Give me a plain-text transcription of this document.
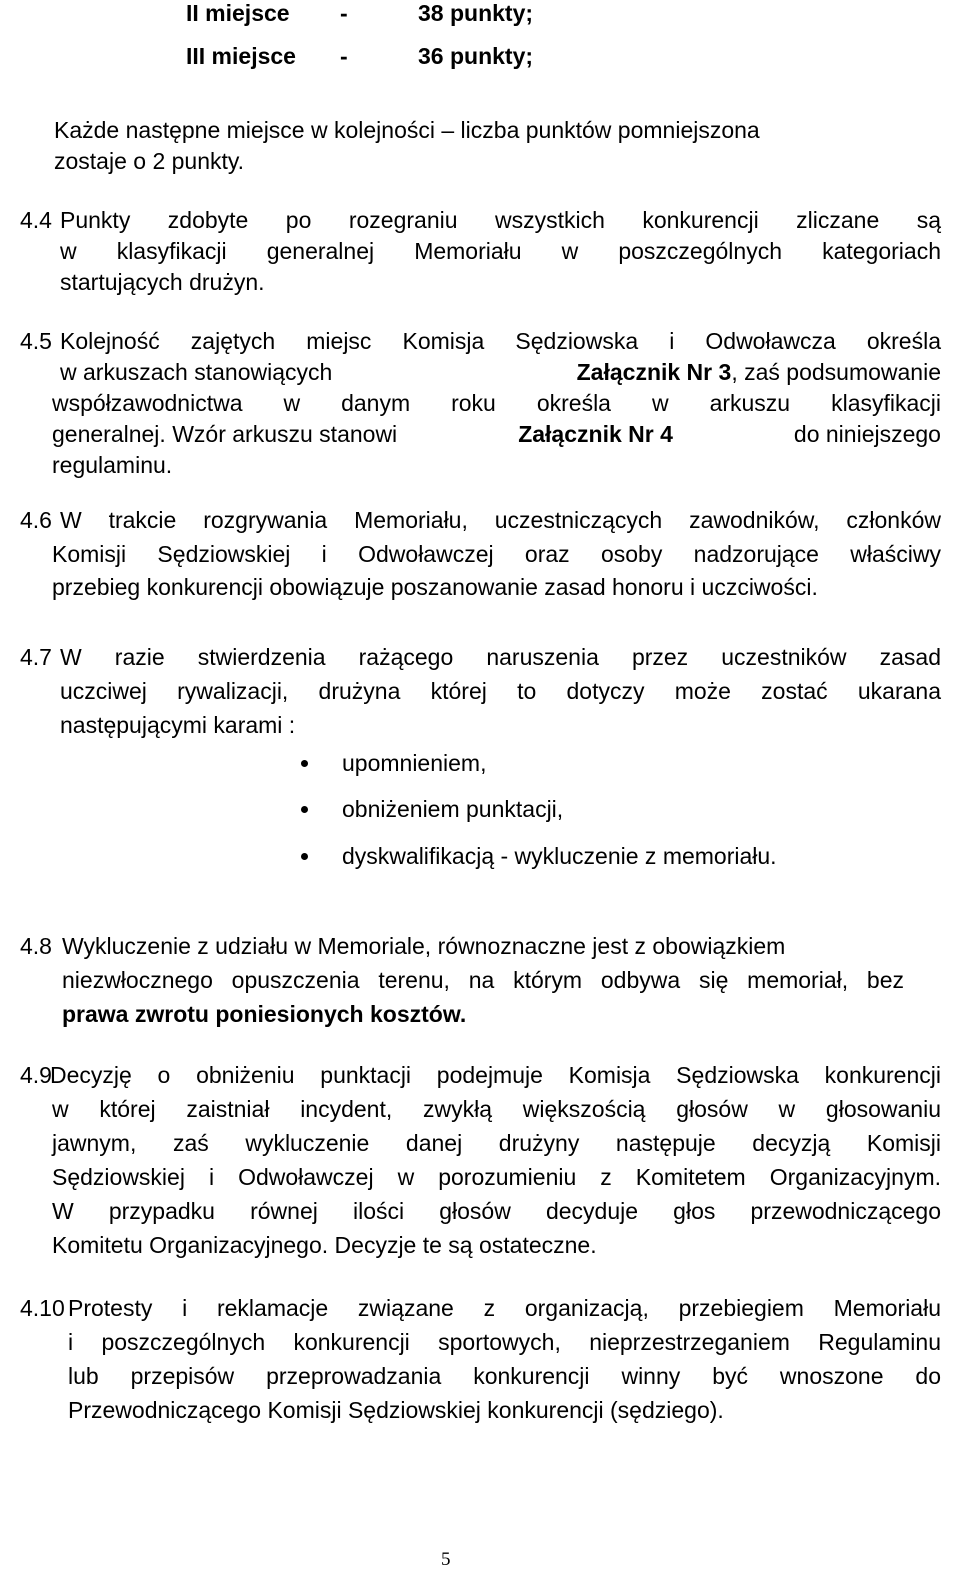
II miejsce -	38 punkty;
III miejsce -	36 punkty;
Każde następne miejsce w kolejności – liczba punktów pomniejszona
zostaje o 2 punkty.
4.4 Punkty zdobyte po rozegraniu wszystkich konkurencji zliczane są
w klasyfikacji generalnej Memoriału w poszczególnych kategoriach
startujących drużyn.
4.5 Kolejność zajętych miejsc Komisja Sędziowska i Odwoławcza określa
w arkuszach stanowiących	Załącznik Nr 3, zaś podsumowanie
współzawodnictwa w danym roku określa w arkuszu klasyfikacji
generalnej. Wzór arkuszu stanowi	Załącznik Nr 4	do niniejszego
regulaminu.
4.6 W trakcie rozgrywania Memoriału, uczestniczących zawodników, członków
Komisji Sędziowskiej i Odwoławczej oraz osoby nadzorujące właściwy
przebieg konkurencji obowiązuje poszanowanie zasad honoru i uczciwości.
4.7 W razie stwierdzenia rażącego naruszenia przez uczestników zasad
uczciwej rywalizacji, drużyna której to dotyczy może zostać ukarana
następującymi karami :
upomnieniem,
obniżeniem punktacji,
dyskwalifikacją - wykluczenie z memoriału.
4.8 Wykluczenie z udziału w Memoriale, równoznaczne jest z obowiązkiem
niezwłocznego opuszczenia terenu, na którym odbywa się memoriał, bez
prawa zwrotu poniesionych kosztów.
4.9
Decyzję o obniżeniu punktacji podejmuje Komisja Sędziowska konkurencji
w której zaistniał incydent, zwykłą większością głosów w głosowaniu
jawnym, zaś wykluczenie danej drużyny następuje decyzją Komisji
Sędziowskiej i Odwoławczej w porozumieniu z Komitetem Organizacyjnym.
W przypadku równej ilości głosów decyduje głos przewodniczącego
Komitetu Organizacyjnego. Decyzje te są ostateczne.
4.10 Protesty i reklamacje związane z organizacją, przebiegiem Memoriału
i poszczególnych konkurencji sportowych, nieprzestrzeganiem Regulaminu
lub przepisów przeprowadzania konkurencji winny być wnoszone do
Przewodniczącego Komisji Sędziowskiej konkurencji (sędziego).
5
